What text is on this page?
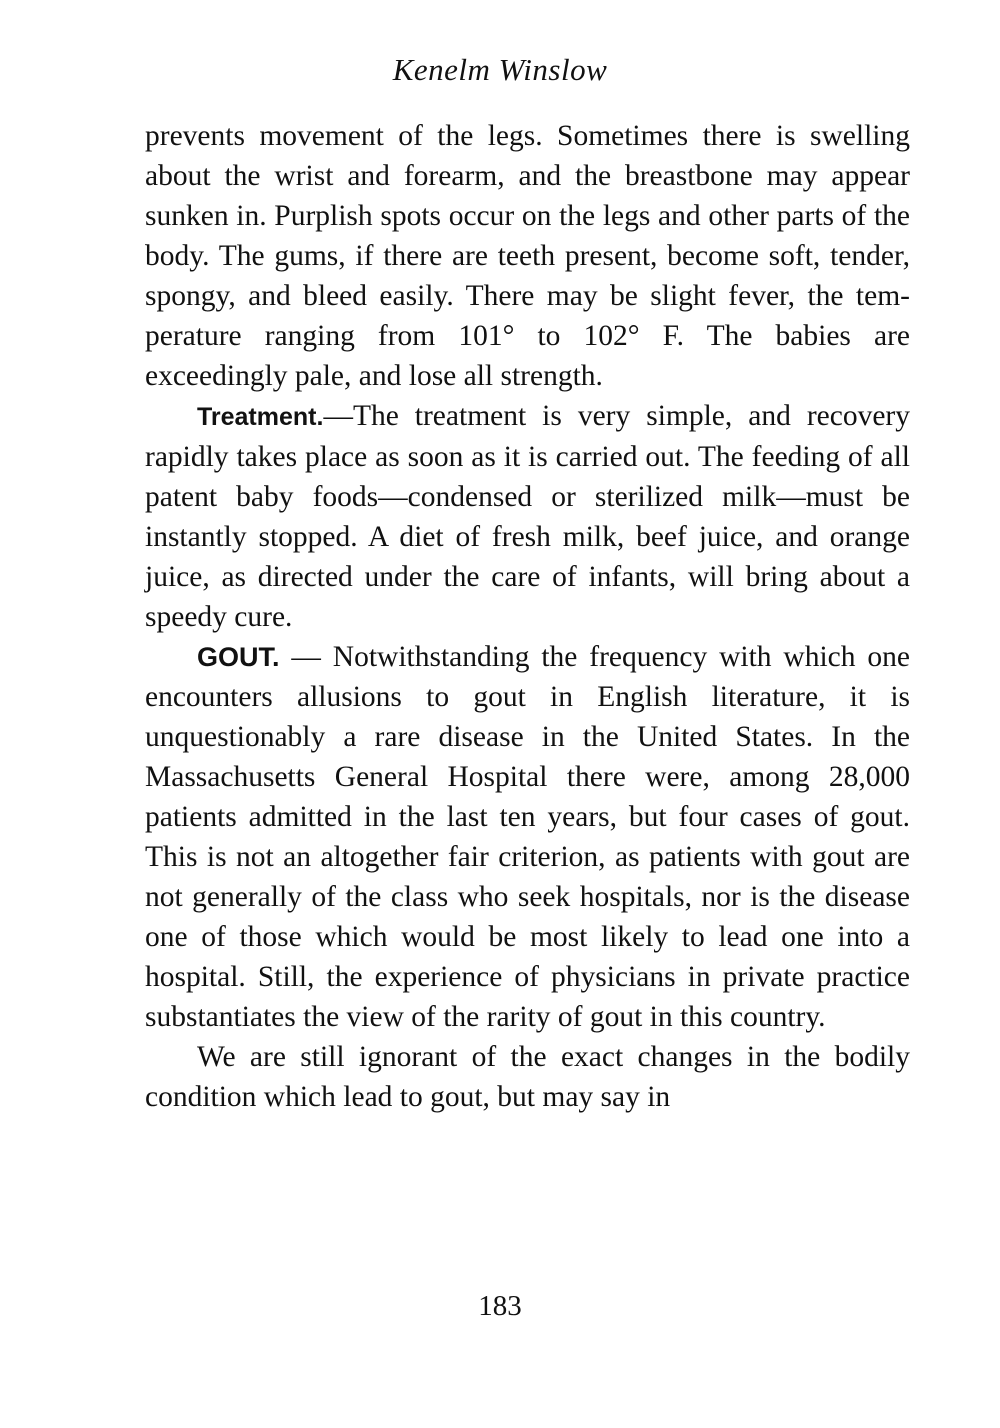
Kenelm Winslow

prevents movement of the legs. Sometimes there is swelling about the wrist and forearm, and the breastbone may appear sunken in. Purplish spots occur on the legs and other parts of the body. The gums, if there are teeth present, become soft, tender, spongy, and bleed easily. There may be slight fever, the temperature ranging from 101° to 102° F. The babies are exceedingly pale, and lose all strength.

Treatment.—The treatment is very simple, and recovery rapidly takes place as soon as it is carried out. The feeding of all patent baby foods—condensed or sterilized milk—must be instantly stopped. A diet of fresh milk, beef juice, and orange juice, as directed under the care of infants, will bring about a speedy cure.

GOUT. — Notwithstanding the frequency with which one encounters allusions to gout in English literature, it is unquestionably a rare disease in the United States. In the Massachusetts General Hospital there were, among 28,000 patients admitted in the last ten years, but four cases of gout. This is not an altogether fair criterion, as patients with gout are not generally of the class who seek hospitals, nor is the disease one of those which would be most likely to lead one into a hospital. Still, the experience of physicians in private practice substantiates the view of the rarity of gout in this country.

We are still ignorant of the exact changes in the bodily condition which lead to gout, but may say in

183
